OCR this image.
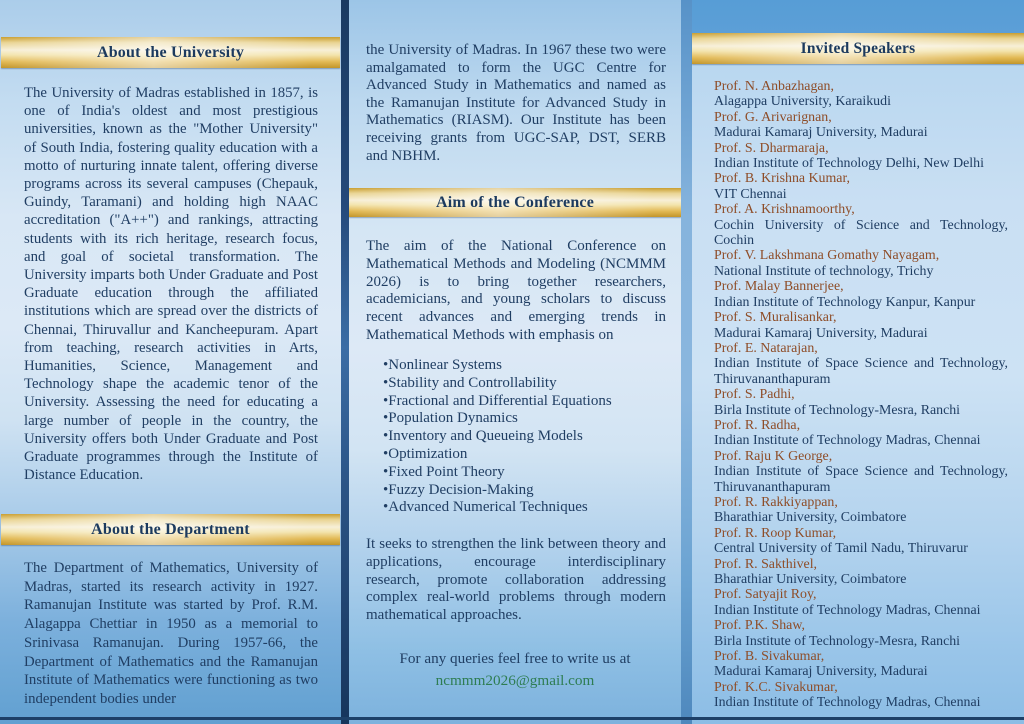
About the University
The University of Madras established in 1857, is one of India's oldest and most prestigious universities, known as the "Mother University" of South India, fostering quality education with a motto of nurturing innate talent, offering diverse programs across its several campuses (Chepauk, Guindy, Taramani) and holding high NAAC accreditation ("A++") and rankings, attracting students with its rich heritage, research focus, and goal of societal transformation. The University imparts both Under Graduate and Post Graduate education through the affiliated institutions which are spread over the districts of Chennai, Thiruvallur and Kancheepuram. Apart from teaching, research activities in Arts, Humanities, Science, Management and Technology shape the academic tenor of the University. Assessing the need for educating a large number of people in the country, the University offers both Under Graduate and Post Graduate programmes through the Institute of Distance Education.
About the Department
The Department of Mathematics, University of Madras, started its research activity in 1927. Ramanujan Institute was started by Prof. R.M. Alagappa Chettiar in 1950 as a memorial to Srinivasa Ramanujan. During 1957-66, the Department of Mathematics and the Ramanujan Institute of Mathematics were functioning as two independent bodies under
the University of Madras. In 1967 these two were amalgamated to form the UGC Centre for Advanced Study in Mathematics and named as the Ramanujan Institute for Advanced Study in Mathematics (RIASM). Our Institute has been receiving grants from UGC-SAP, DST, SERB and NBHM.
Aim of the Conference
The aim of the National Conference on Mathematical Methods and Modeling (NCMMM 2026) is to bring together researchers, academicians, and young scholars to discuss recent advances and emerging trends in Mathematical Methods with emphasis on
• Nonlinear Systems
• Stability and Controllability
• Fractional and Differential Equations
• Population Dynamics
• Inventory and Queueing Models
• Optimization
• Fixed Point Theory
• Fuzzy Decision-Making
• Advanced Numerical Techniques
It seeks to strengthen the link between theory and applications, encourage interdisciplinary research, promote collaboration addressing complex real-world problems through modern mathematical approaches.
For any queries feel free to write us at
ncmmm2026@gmail.com
Invited Speakers
Prof. N. Anbazhagan,
Alagappa University, Karaikudi
Prof. G. Arivarignan,
Madurai Kamaraj University, Madurai
Prof. S. Dharmaraja,
Indian Institute of Technology Delhi, New Delhi
Prof. B. Krishna Kumar,
VIT Chennai
Prof. A. Krishnamoorthy,
Cochin University of Science and Technology, Cochin
Prof. V. Lakshmana Gomathy Nayagam,
National Institute of technology, Trichy
Prof. Malay Bannerjee,
Indian Institute of Technology Kanpur, Kanpur
Prof. S. Muralisankar,
Madurai Kamaraj University, Madurai
Prof. E. Natarajan,
Indian Institute of Space Science and Technology, Thiruvananthapuram
Prof. S. Padhi,
Birla Institute of Technology-Mesra, Ranchi
Prof. R. Radha,
Indian Institute of Technology Madras, Chennai
Prof. Raju K George,
Indian Institute of Space Science and Technology, Thiruvananthapuram
Prof. R. Rakkiyappan,
Bharathiar University, Coimbatore
Prof. R. Roop Kumar,
Central University of Tamil Nadu, Thiruvarur
Prof. R. Sakthivel,
Bharathiar University, Coimbatore
Prof. Satyajit Roy,
Indian Institute of Technology Madras, Chennai
Prof. P.K. Shaw,
Birla Institute of Technology-Mesra, Ranchi
Prof. B. Sivakumar,
Madurai Kamaraj University, Madurai
Prof. K.C. Sivakumar,
Indian Institute of Technology Madras, Chennai
